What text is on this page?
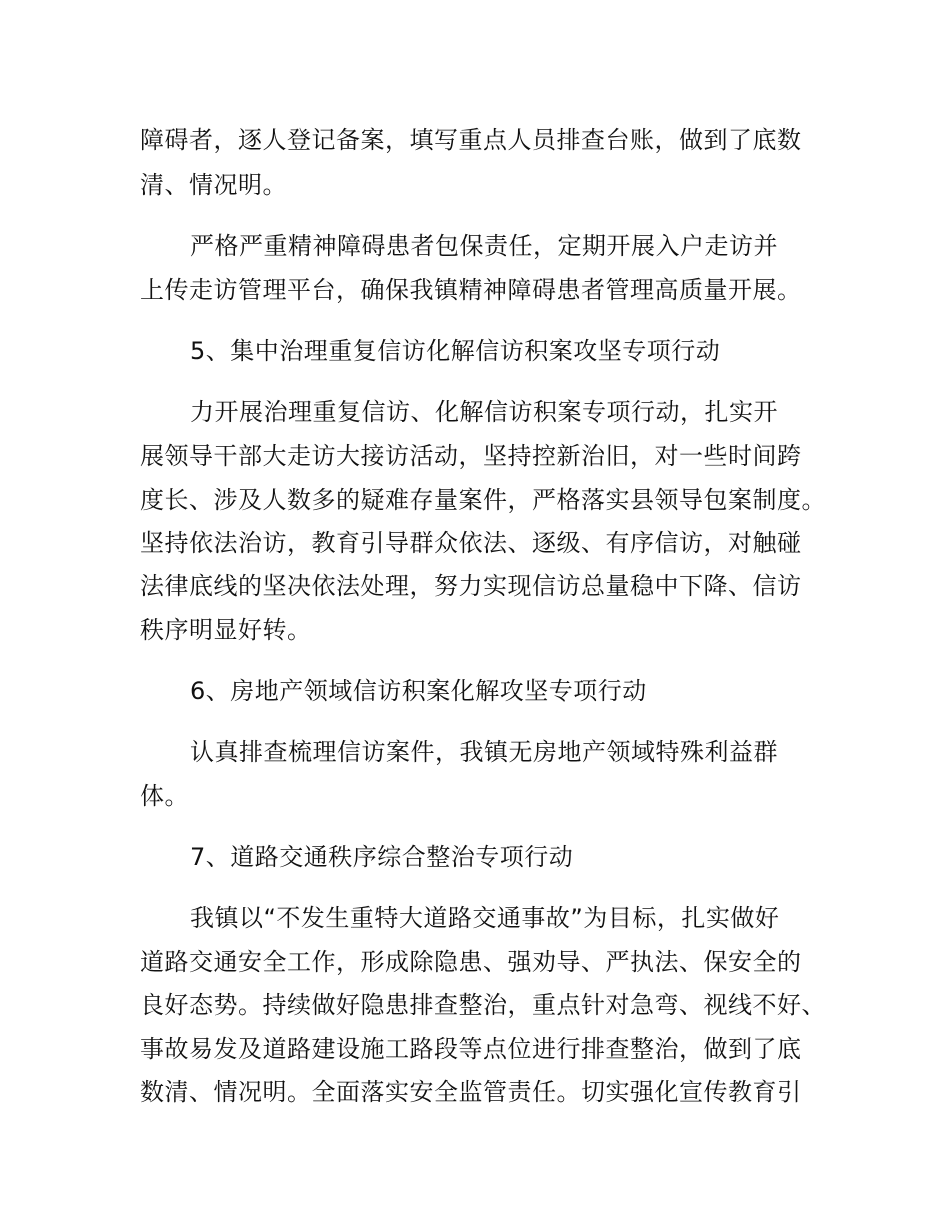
障碍者，逐人登记备案，填写重点人员排查台账，做到了底数
清、情况明。
严格严重精神障碍患者包保责任，定期开展入户走访并
上传走访管理平台，确保我镇精神障碍患者管理高质量开展。
5、集中治理重复信访化解信访积案攻坚专项行动
力开展治理重复信访、化解信访积案专项行动，扎实开
展领导干部大走访大接访活动，坚持控新治旧，对一些时间跨
度长、涉及人数多的疑难存量案件，严格落实县领导包案制度。
坚持依法治访，教育引导群众依法、逐级、有序信访，对触碰
法律底线的坚决依法处理，努力实现信访总量稳中下降、信访
秩序明显好转。
6、房地产领域信访积案化解攻坚专项行动
认真排查梳理信访案件，我镇无房地产领域特殊利益群
体。
7、道路交通秩序综合整治专项行动
我镇以“不发生重特大道路交通事故”为目标，扎实做好
道路交通安全工作，形成除隐患、强劝导、严执法、保安全的
良好态势。持续做好隐患排查整治，重点针对急弯、视线不好、
事故易发及道路建设施工路段等点位进行排查整治，做到了底
数清、情况明。全面落实安全监管责任。切实强化宣传教育引
